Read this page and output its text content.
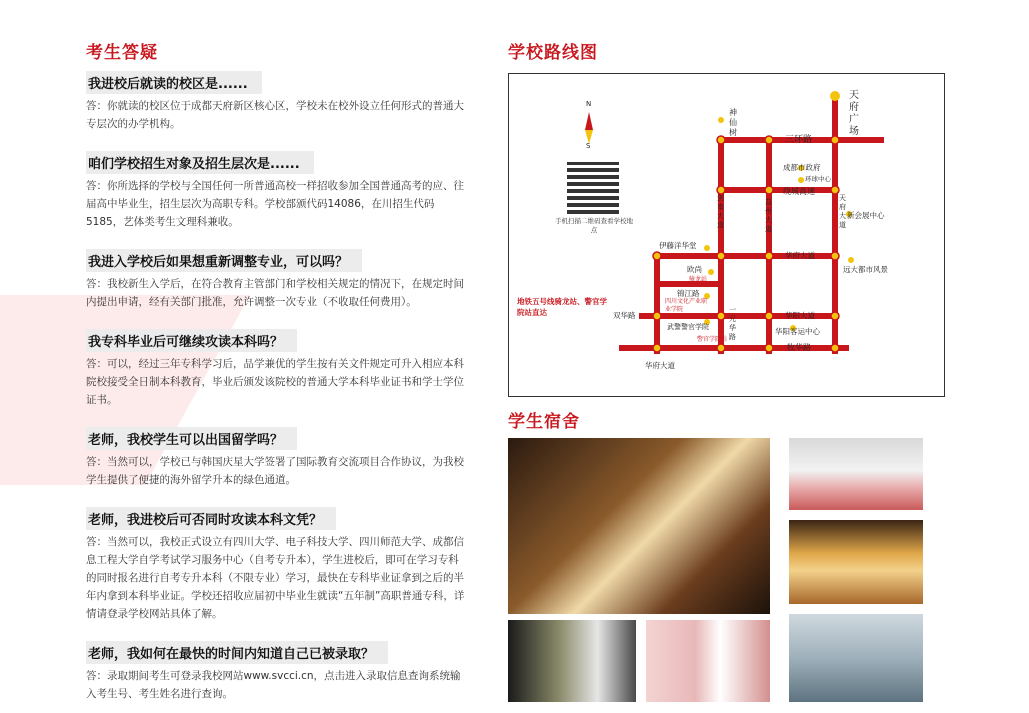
考生答疑
我进校后就读的校区是......
答：你就读的校区位于成都天府新区核心区，学校未在校外设立任何形式的普通大专层次的办学机构。
咱们学校招生对象及招生层次是......
答：你所选择的学校与全国任何一所普通高校一样招收参加全国普通高考的应、往届高中毕业生，招生层次为高职专科。学校部颁代码14086，在川招生代码5185，艺体类考生文理科兼收。
我进入学校后如果想重新调整专业，可以吗？
答：我校新生入学后，在符合教育主管部门和学校相关规定的情况下，在规定时间内提出申请，经有关部门批准，允许调整一次专业（不收取任何费用）。
我专科毕业后可继续攻读本科吗？
答：可以，经过三年专科学习后，品学兼优的学生按有关文件规定可升入相应本科院校接受全日制本科教育，毕业后颁发该院校的普通大学本科毕业证书和学士学位证书。
老师，我校学生可以出国留学吗？
答：当然可以，学校已与韩国庆星大学签署了国际教育交流项目合作协议，为我校学生提供了便捷的海外留学升本的绿色通道。
老师，我进校后可否同时攻读本科文凭？
答：当然可以，我校正式设立有四川大学、电子科技大学、四川师范大学、成都信息工程大学自学考试学习服务中心（自考专升本），学生进校后，即可在学习专科的同时报名进行自考专升本科（不限专业）学习，最快在专科毕业证拿到之后的半年内拿到本科毕业证。学校还招收应届初中毕业生就读“五年制”高职普通专科，详情请登录学校网站具体了解。
老师，我如何在最快的时间内知道自己已被录取？
答：录取期间考生可登录我校网站www.svcci.cn，点击进入录取信息查询系统输入考生号、考生姓名进行查询。
学校路线图
N
S
手机扫描二维码查看学校地点
地铁五号线骑龙站、警官学院站直达
天府广场
神仙树
三环路
成都市政府
环球中心
绕城高速
剑南大道
益州大道
天府大道
新会展中心
伊藤洋华堂
华府大道
远大都市风景
欧尚
骑龙站
锦江路
四川文化产业职业学院
双华路
武警警官学院
警官学院站
一元华路
华阳大道
华阳客运中心
牧华路
华府大道
学生宿舍
